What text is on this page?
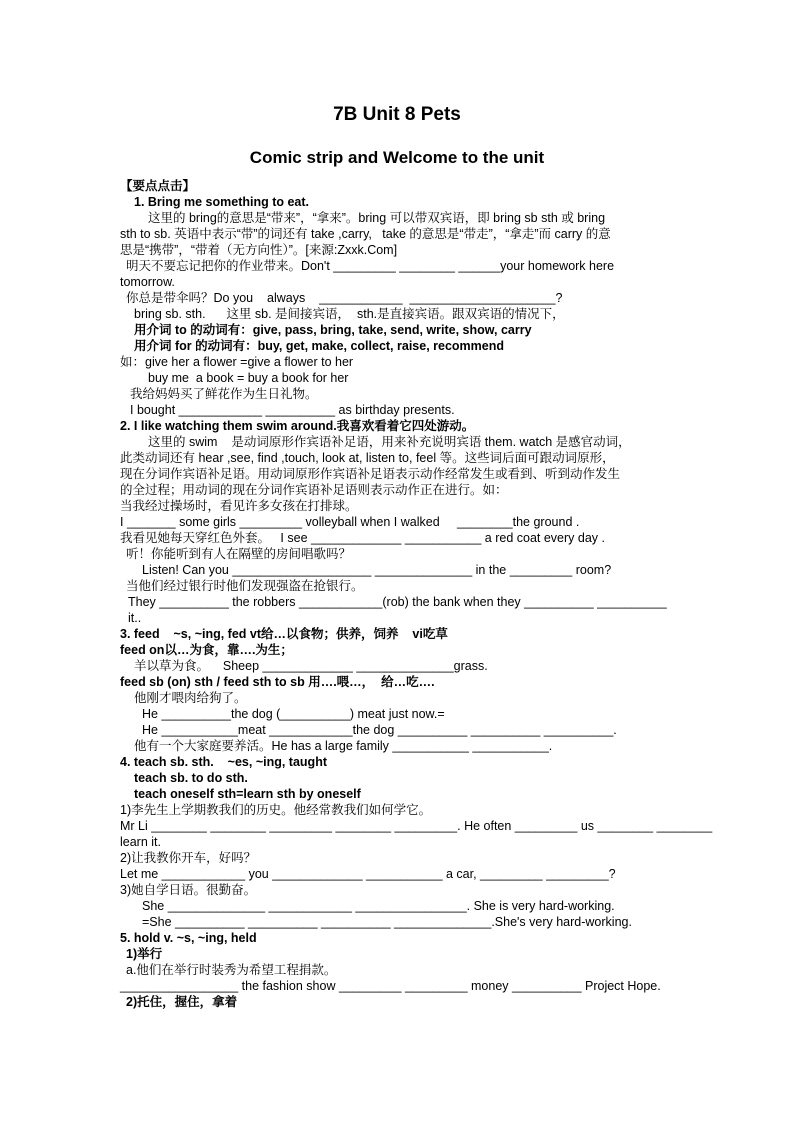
7B Unit 8 Pets
Comic strip and Welcome to the unit
【要点点击】
1. Bring me something to eat.
这里的 bring的意思是“带来”，“拿来”。bring 可以带双宾语，即 bring sb sth 或 bring
sth to sb. 英语中表示“带”的词还有 take ,carry,   take 的意思是“带走”，“拿走”而 carry 的意
思是“携带”，“带着（无方向性）”。[来源:Zxxk.Com]
明天不要忘记把你的作业带来。Don't _________ ________ ______your homework here
tomorrow.
你总是带伞吗？Do you    always    ____________  _____________________?
bring sb. sth.      这里 sb. 是间接宾语，  sth.是直接宾语。跟双宾语的情况下，
用介词 to 的动词有：give, pass, bring, take, send, write, show, carry
用介词 for 的动词有：buy, get, make, collect, raise, recommend
如：give her a flower =give a flower to her
buy me  a book = buy a book for her
我给妈妈买了鲜花作为生日礼物。
I bought ____________ __________ as birthday presents.
2. I like watching them swim around.我喜欢看着它四处游动。
这里的 swim    是动词原形作宾语补足语，用来补充说明宾语 them. watch 是感官动词，
此类动词还有 hear ,see, find ,touch, look at, listen to, feel 等。这些词后面可跟动词原形，
现在分词作宾语补足语。用动词原形作宾语补足语表示动作经常发生或看到、听到动作发生
的全过程；用动词的现在分词作宾语补足语则表示动作正在进行。如：
当我经过操场时，看见许多女孩在打排球。
I _______ some girls _________ volleyball when I walked     ________the ground .
我看见她每天穿红色外套。   I see _____________ ___________ a red coat every day .
听！你能听到有人在隔壁的房间唱歌吗？
Listen! Can you ____________________ ______________ in the _________ room?
当他们经过银行时他们发现强盗在抢银行。
They __________ the robbers ____________(rob) the bank when they __________ __________
it..
3. feed    ~s, ~ing, fed vt给…以食物；供养，饲养    vi吃草
feed on以…为食，靠….为生；
羊以草为食。    Sheep _____________ ______________grass.
feed sb (on) sth / feed sth to sb 用….喂…，  给…吃….
他刚才喂肉给狗了。
He __________the dog (__________) meat just now.=
He ___________meat ____________the dog __________ __________ __________.
他有一个大家庭要养活。He has a large family ___________ ___________.
4. teach sb. sth.    ~es, ~ing, taught
teach sb. to do sth.
teach oneself sth=learn sth by oneself
1)李先生上学期教我们的历史。他经常教我们如何学它。
Mr Li ________ ________ _________ ________ _________. He often _________ us ________ ________
learn it.
2)让我教你开车，好吗？
Let me ____________ you _____________ ___________ a car, _________ _________?
3)她自学日语。很勤奋。
She ______________ ____________ ________________. She is very hard-working.
=She __________ __________ __________ ______________.She's very hard-working.
5. hold v. ~s, ~ing, held
1)举行
a.他们在举行时装秀为希望工程捐款。
_________________ the fashion show _________ _________ money __________ Project Hope.
2)托住，握住，拿着
